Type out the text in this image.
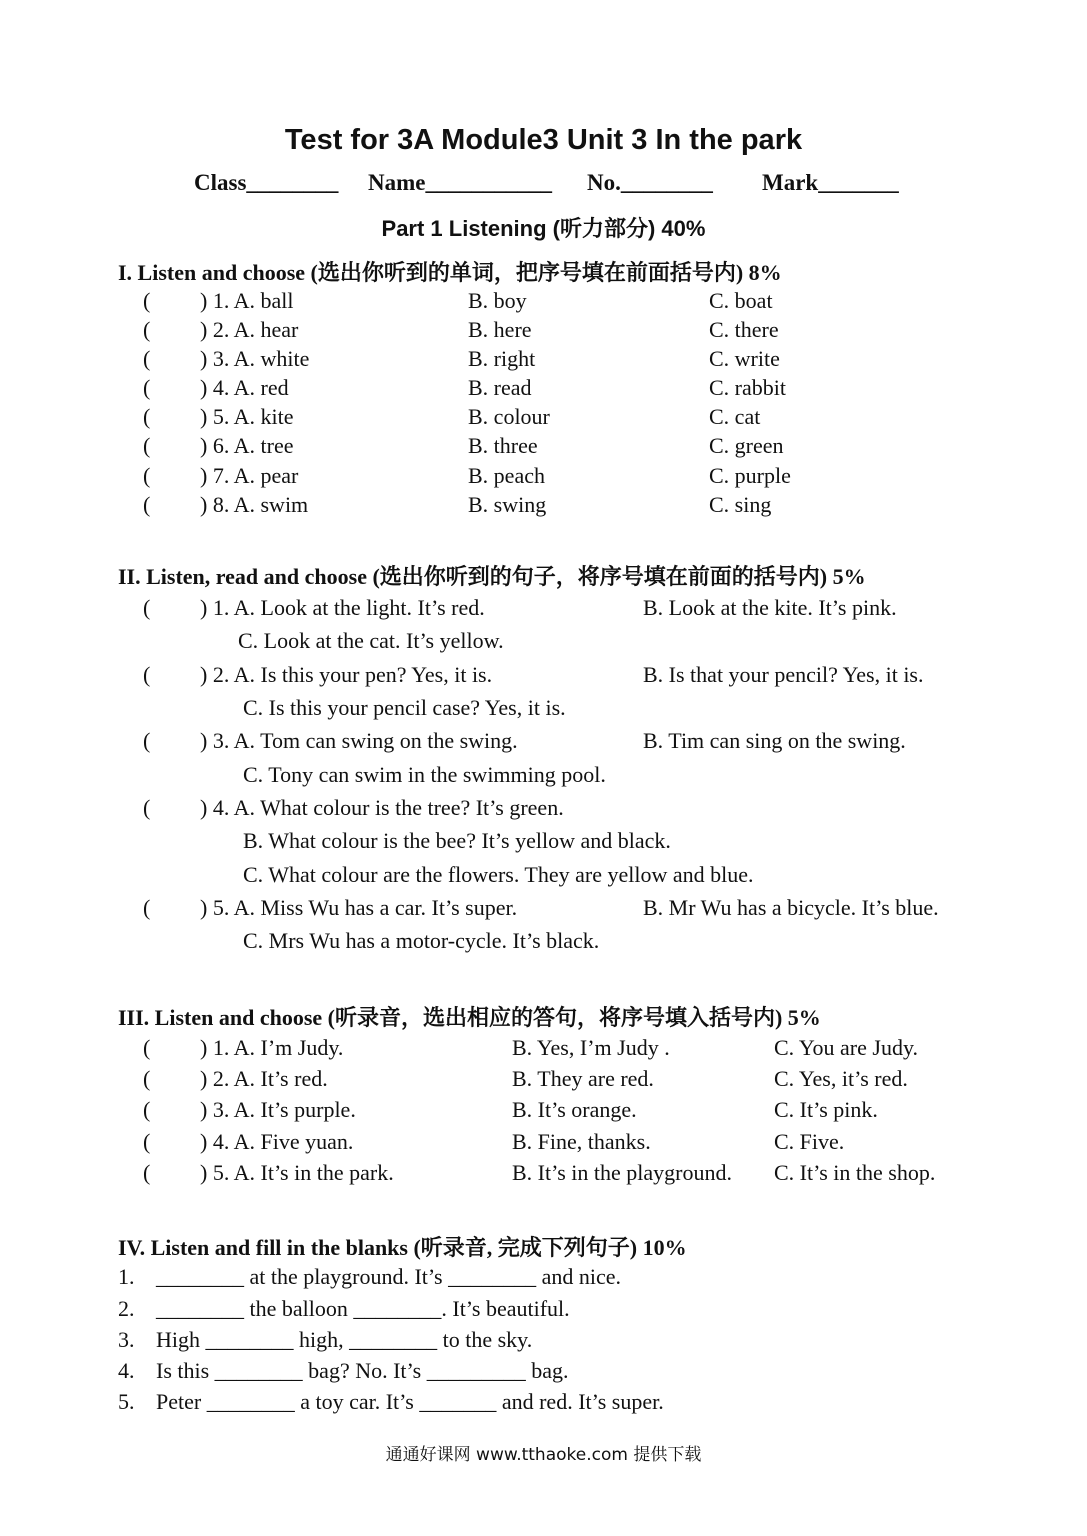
Test for 3A Module3 Unit 3 In the park
Class________ Name___________ No.________ Mark_______
Part 1 Listening (听力部分) 40%
I. Listen and choose (选出你听到的单词，把序号填在前面括号内) 8%
( ) 1. A. ball	B. boy	C. boat
( ) 2. A. hear	B. here	C. there
( ) 3. A. white	B. right	C. write
( ) 4. A. red	B. read	C. rabbit
( ) 5. A. kite	B. colour	C. cat
( ) 6. A. tree	B. three	C. green
( ) 7. A. pear	B. peach	C. purple
( ) 8. A. swim	B. swing	C. sing
II. Listen, read and choose (选出你听到的句子，将序号填在前面的括号内) 5%
( ) 1. A. Look at the light. It’s red.	B. Look at the kite. It’s pink.
C. Look at the cat. It’s yellow.
( ) 2. A. Is this your pen? Yes, it is.	B. Is that your pencil? Yes, it is.
C. Is this your pencil case? Yes, it is.
( ) 3. A. Tom can swing on the swing.	B. Tim can sing on the swing.
C. Tony can swim in the swimming pool.
( ) 4. A. What colour is the tree? It’s green.
B. What colour is the bee? It’s yellow and black.
C. What colour are the flowers. They are yellow and blue.
( ) 5. A. Miss Wu has a car. It’s super.	B. Mr Wu has a bicycle. It’s blue.
C. Mrs Wu has a motor-cycle. It’s black.
III. Listen and choose (听录音，选出相应的答句，将序号填入括号内) 5%
( ) 1. A. I’m Judy.	B. Yes, I’m Judy .	C. You are Judy.
( ) 2. A. It’s red.	B. They are red.	C. Yes, it’s red.
( ) 3. A. It’s purple.	B. It’s orange.	C. It’s pink.
( ) 4. A. Five yuan.	B. Fine, thanks.	C. Five.
( ) 5. A. It’s in the park.	B. It’s in the playground. C. It’s in the shop.
IV. Listen and fill in the blanks (听录音, 完成下列句子) 10%
1. ________ at the playground. It’s ________ and nice.
2. ________ the balloon ________. It’s beautiful.
3. High ________ high, ________ to the sky.
4. Is this ________ bag? No. It’s _________ bag.
5. Peter ________ a toy car. It’s _______ and red. It’s super.
通通好课网 www.tthaoke.com 提供下载
